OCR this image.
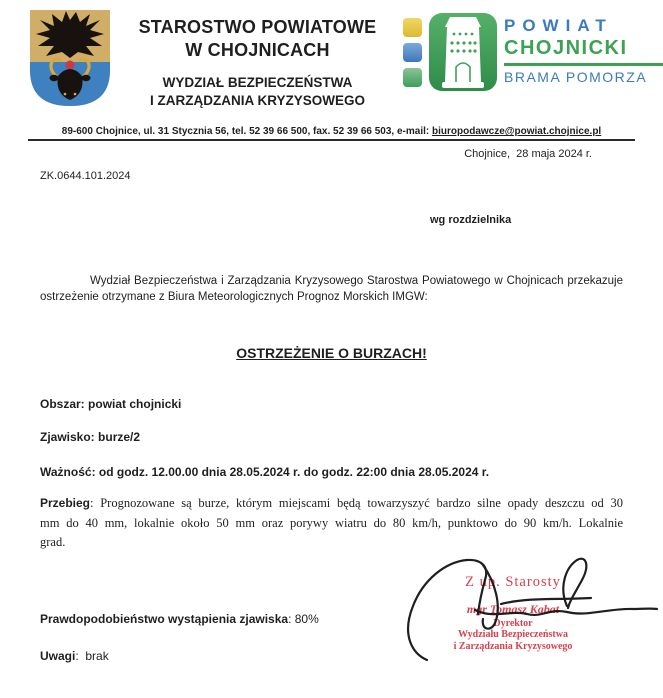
STAROSTWO POWIATOWE
W CHOJNICACH
WYDZIAŁ BEZPIECZEŃSTWA
I ZARZĄDZANIA KRYZYSOWEGO
POWIAT
CHOJNICKI
BRAMA POMORZA
89-600 Chojnice, ul. 31 Stycznia 56, tel. 52 39 66 500, fax. 52 39 66 503, e-mail: biuropodawcze@powiat.chojnice.pl
Chojnice,  28 maja 2024 r.
ZK.0644.101.2024
wg rozdzielnika

Wydział Bezpieczeństwa i Zarządzania Kryzysowego Starostwa Powiatowego w Chojnicach przekazuje ostrzeżenie otrzymane z Biura Meteorologicznych Prognoz Morskich IMGW:

OSTRZEŻENIE O BURZACH!
Obszar: powiat chojnicki
Zjawisko: burze/2
Ważność: od godz. 12.00.00 dnia 28.05.2024 r. do godz. 22:00 dnia 28.05.2024 r.

Przebieg: Prognozowane są burze, którym miejscami będą towarzyszyć bardzo silne opady deszczu od 30 mm do 40 mm, lokalnie około 50 mm oraz porywy wiatru do 80 km/h, punktowo do 90 km/h. Lokalnie grad.

Prawdopodobieństwo wystąpienia zjawiska: 80%
Uwagi:  brak
Z up. Starosty
mgr Tomasz Kabat
Dyrektor
Wydziału Bezpieczeństwa
i Zarządzania Kryzysowego
